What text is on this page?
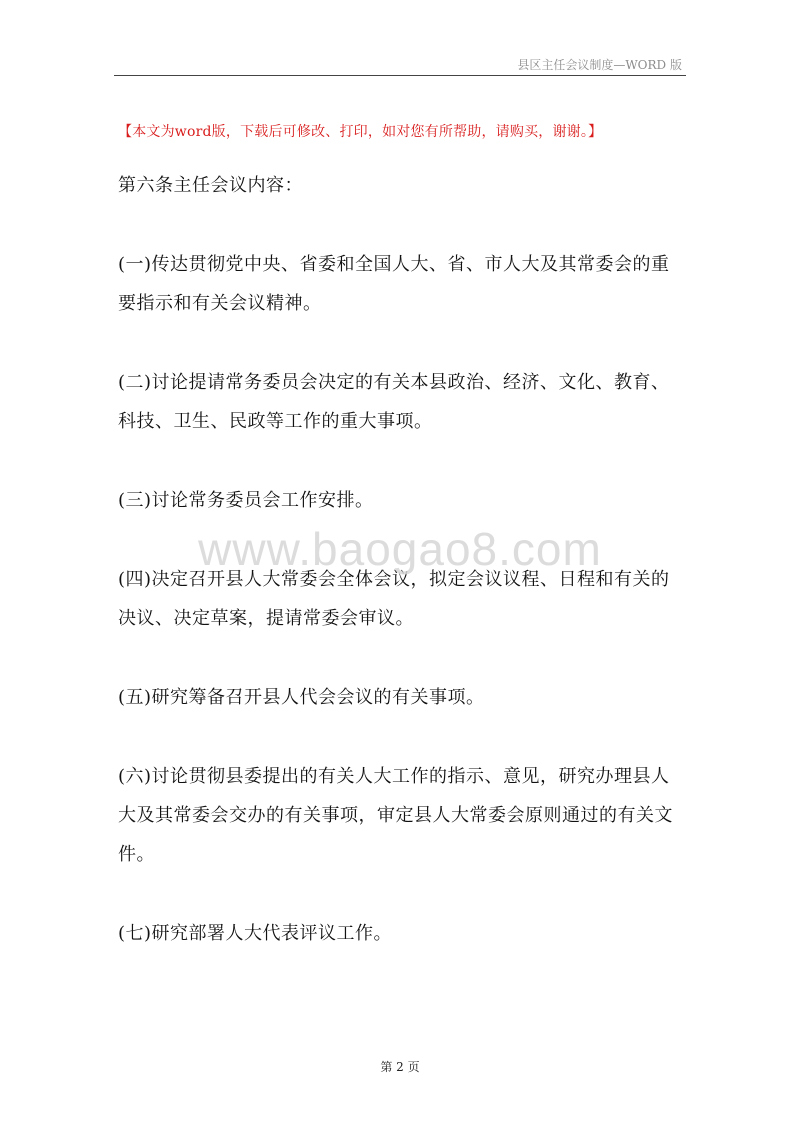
县区主任会议制度—WORD 版
【本文为word版，下载后可修改、打印，如对您有所帮助，请购买，谢谢。】

第六条主任会议内容：

(一)传达贯彻党中央、省委和全国人大、省、市人大及其常委会的重要指示和有关会议精神。

(二)讨论提请常务委员会决定的有关本县政治、经济、文化、教育、科技、卫生、民政等工作的重大事项。

(三)讨论常务委员会工作安排。

(四)决定召开县人大常委会全体会议，拟定会议议程、日程和有关的决议、决定草案，提请常委会审议。

(五)研究筹备召开县人代会会议的有关事项。

(六)讨论贯彻县委提出的有关人大工作的指示、意见，研究办理县人大及其常委会交办的有关事项，审定县人大常委会原则通过的有关文件。

(七)研究部署人大代表评议工作。

www.baogao8.com
第 2 页
